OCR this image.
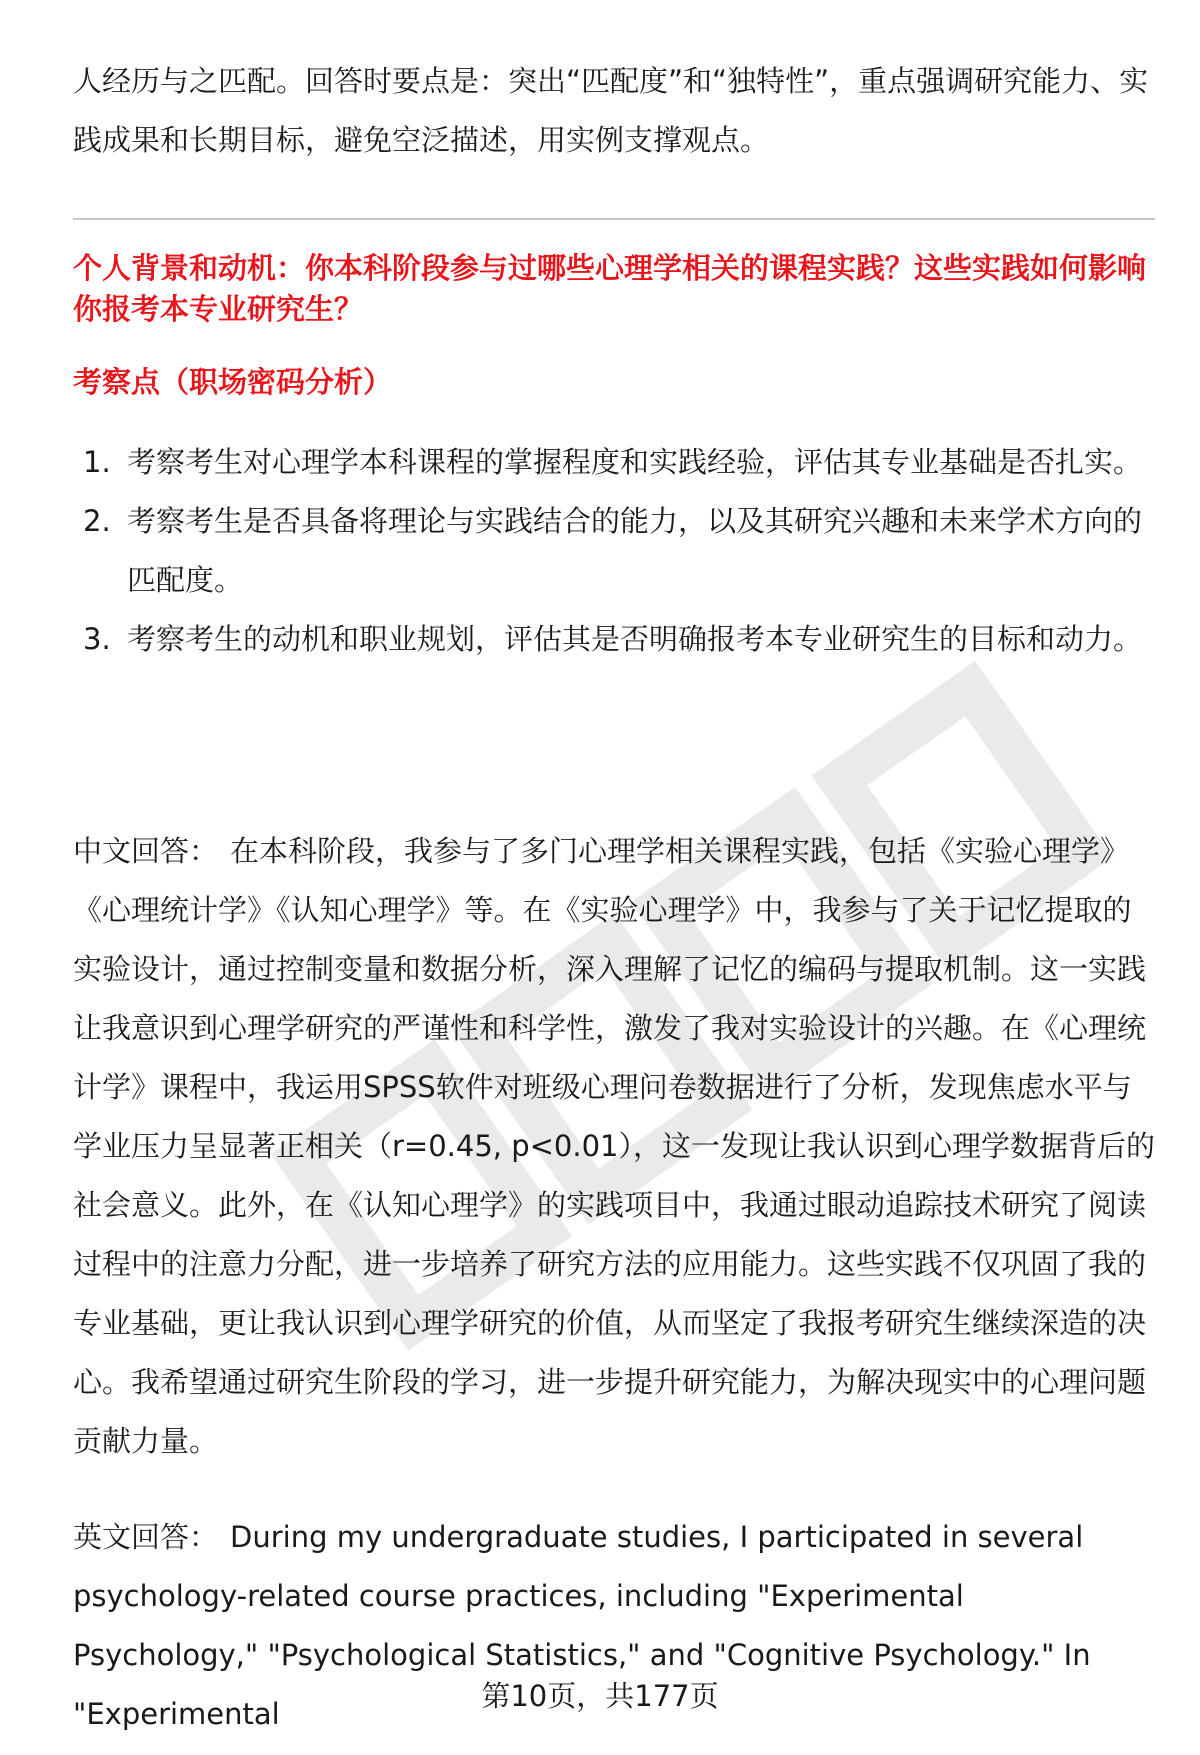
人经历与之匹配。回答时要点是：突出“匹配度”和“独特性”，重点强调研究能力、实践成果和长期目标，避免空泛描述，用实例支撑观点。

个人背景和动机：你本科阶段参与过哪些心理学相关的课程实践？这些实践如何影响你报考本专业研究生？

考察点（职场密码分析）

1. 考察考生对心理学本科课程的掌握程度和实践经验，评估其专业基础是否扎实。
2. 考察考生是否具备将理论与实践结合的能力，以及其研究兴趣和未来学术方向的匹配度。
3. 考察考生的动机和职业规划，评估其是否明确报考本专业研究生的目标和动力。

中文回答： 在本科阶段，我参与了多门心理学相关课程实践，包括《实验心理学》《心理统计学》《认知心理学》等。在《实验心理学》中，我参与了关于记忆提取的实验设计，通过控制变量和数据分析，深入理解了记忆的编码与提取机制。这一实践让我意识到心理学研究的严谨性和科学性，激发了我对实验设计的兴趣。在《心理统计学》课程中，我运用SPSS软件对班级心理问卷数据进行了分析，发现焦虑水平与学业压力呈显著正相关（r=0.45, p<0.01），这一发现让我认识到心理学数据背后的社会意义。此外，在《认知心理学》的实践项目中，我通过眼动追踪技术研究了阅读过程中的注意力分配，进一步培养了研究方法的应用能力。这些实践不仅巩固了我的专业基础，更让我认识到心理学研究的价值，从而坚定了我报考研究生继续深造的决心。我希望通过研究生阶段的学习，进一步提升研究能力，为解决现实中的心理问题贡献力量。

英文回答： During my undergraduate studies, I participated in several psychology-related course practices, including "Experimental Psychology," "Psychological Statistics," and "Cognitive Psychology." In "Experimental

第10页，共177页
